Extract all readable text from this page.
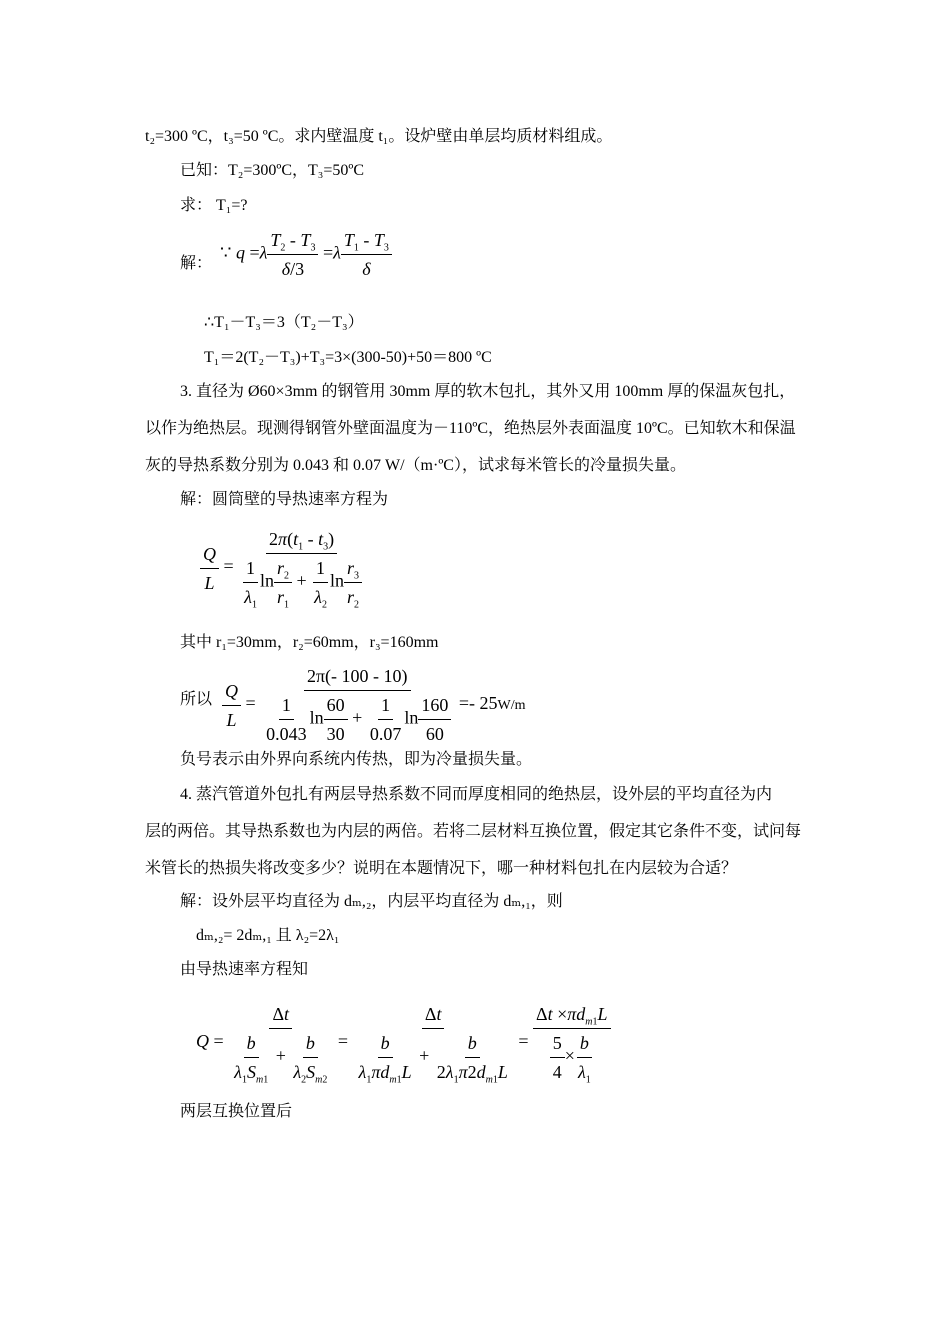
t₂=300 ºC，t₃=50 ºC。求内壁温度 t₁。设炉壁由单层均质材料组成。
已知：T₂=300ºC，T₃=50ºC
求： T₁=?
解：
∵ $q =\lambda \frac{T_2 - T_3}{\delta/3} =\lambda \frac{T_1 - T_3}{\delta}$
∴T₁－T₃＝3（T₂－T₃）
T₁＝2(T₂－T₃)+T₃=3×(300-50)+50＝800 ºC
3. 直径为 Ø60×3mm 的钢管用 30mm 厚的软木包扎，其外又用 100mm 厚的保温灰包扎，
以作为绝热层。现测得钢管外壁面温度为－110ºC，绝热层外表面温度 10ºC。已知软木和保温
灰的导热系数分别为 0.043 和 0.07 W/（m·ºC），试求每米管长的冷量损失量。
解：圆筒壁的导热速率方程为
$\frac{Q}{L} = \frac{2\pi(t_1 - t_3)}{\frac{1}{\lambda_1} \ln \frac{r_2}{r_1} + \frac{1}{\lambda_2} \ln \frac{r_3}{r_2}}$
其中 r₁=30mm，r₂=60mm，r₃=160mm
所以 $\frac{Q}{L} = \frac{2\pi(- 100 - 10)}{\frac{1}{0.043} \ln \frac{60}{30} + \frac{1}{0.07} \ln \frac{160}{60}} =- 25W/m$
负号表示由外界向系统内传热，即为冷量损失量。
4. 蒸汽管道外包扎有两层导热系数不同而厚度相同的绝热层，设外层的平均直径为内
层的两倍。其导热系数也为内层的两倍。若将二层材料互换位置，假定其它条件不变，试问每
米管长的热损失将改变多少？说明在本题情况下，哪一种材料包扎在内层较为合适？
解：设外层平均直径为 dₘ,₂，内层平均直径为 dₘ,₁，则
dₘ,₂= 2dₘ,₁ 且 λ₂=2λ₁
由导热速率方程知
$Q = \frac{\Delta t}{\frac{b}{\lambda_1S_{m1}} + \frac{b}{\lambda_2S_{m2}}} = \frac{\Delta t}{\frac{b}{\lambda_1\pi d_{m1}L} + \frac{b}{2\lambda_1\pi 2d_{m1}L}} = \frac{\Delta t \times\pi d_{m1}L}{\frac{5}{4} \times \frac{b}{\lambda_1}}$
两层互换位置后
